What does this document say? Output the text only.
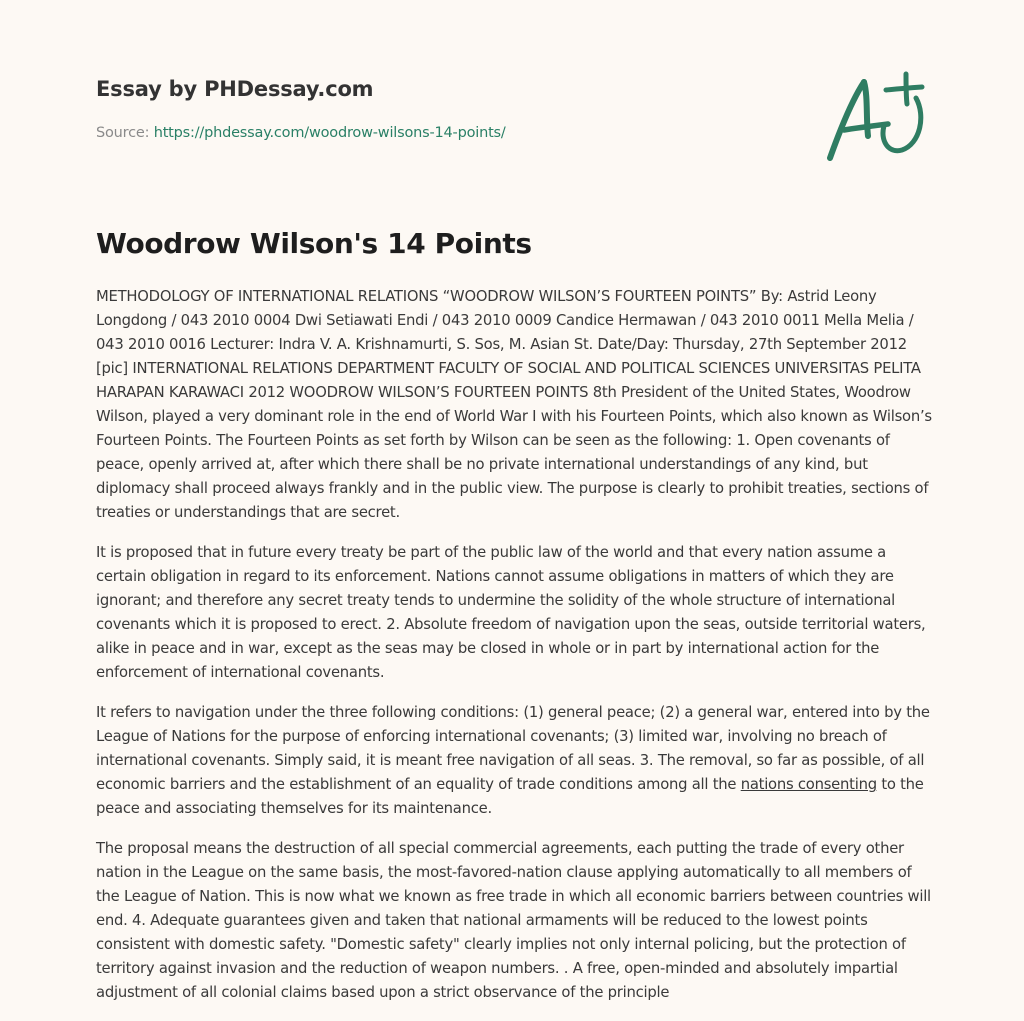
Essay by PHDessay.com
Source: https://phdessay.com/woodrow-wilsons-14-points/
Woodrow Wilson's 14 Points

METHODOLOGY OF INTERNATIONAL RELATIONS “WOODROW WILSON’S FOURTEEN POINTS” By: Astrid Leony Longdong / 043 2010 0004 Dwi Setiawati Endi / 043 2010 0009 Candice Hermawan / 043 2010 0011 Mella Melia / 043 2010 0016 Lecturer: Indra V. A. Krishnamurti, S. Sos, M. Asian St. Date/Day: Thursday, 27th September 2012 [pic] INTERNATIONAL RELATIONS DEPARTMENT FACULTY OF SOCIAL AND POLITICAL SCIENCES UNIVERSITAS PELITA HARAPAN KARAWACI 2012 WOODROW WILSON’S FOURTEEN POINTS 8th President of the United States, Woodrow Wilson, played a very dominant role in the end of World War I with his Fourteen Points, which also known as Wilson’s Fourteen Points. The Fourteen Points as set forth by Wilson can be seen as the following: 1. Open covenants of peace, openly arrived at, after which there shall be no private international understandings of any kind, but diplomacy shall proceed always frankly and in the public view. The purpose is clearly to prohibit treaties, sections of treaties or understandings that are secret.

It is proposed that in future every treaty be part of the public law of the world and that every nation assume a certain obligation in regard to its enforcement. Nations cannot assume obligations in matters of which they are ignorant; and therefore any secret treaty tends to undermine the solidity of the whole structure of international covenants which it is proposed to erect. 2. Absolute freedom of navigation upon the seas, outside territorial waters, alike in peace and in war, except as the seas may be closed in whole or in part by international action for the enforcement of international covenants.

It refers to navigation under the three following conditions: (1) general peace; (2) a general war, entered into by the League of Nations for the purpose of enforcing international covenants; (3) limited war, involving no breach of international covenants. Simply said, it is meant free navigation of all seas. 3. The removal, so far as possible, of all economic barriers and the establishment of an equality of trade conditions among all the nations consenting to the peace and associating themselves for its maintenance.

The proposal means the destruction of all special commercial agreements, each putting the trade of every other nation in the League on the same basis, the most-favored-nation clause applying automatically to all members of the League of Nation. This is now what we known as free trade in which all economic barriers between countries will end. 4. Adequate guarantees given and taken that national armaments will be reduced to the lowest points consistent with domestic safety. "Domestic safety" clearly implies not only internal policing, but the protection of territory against invasion and the reduction of weapon numbers. . A free, open-minded and absolutely impartial adjustment of all colonial claims based upon a strict observance of the principle
